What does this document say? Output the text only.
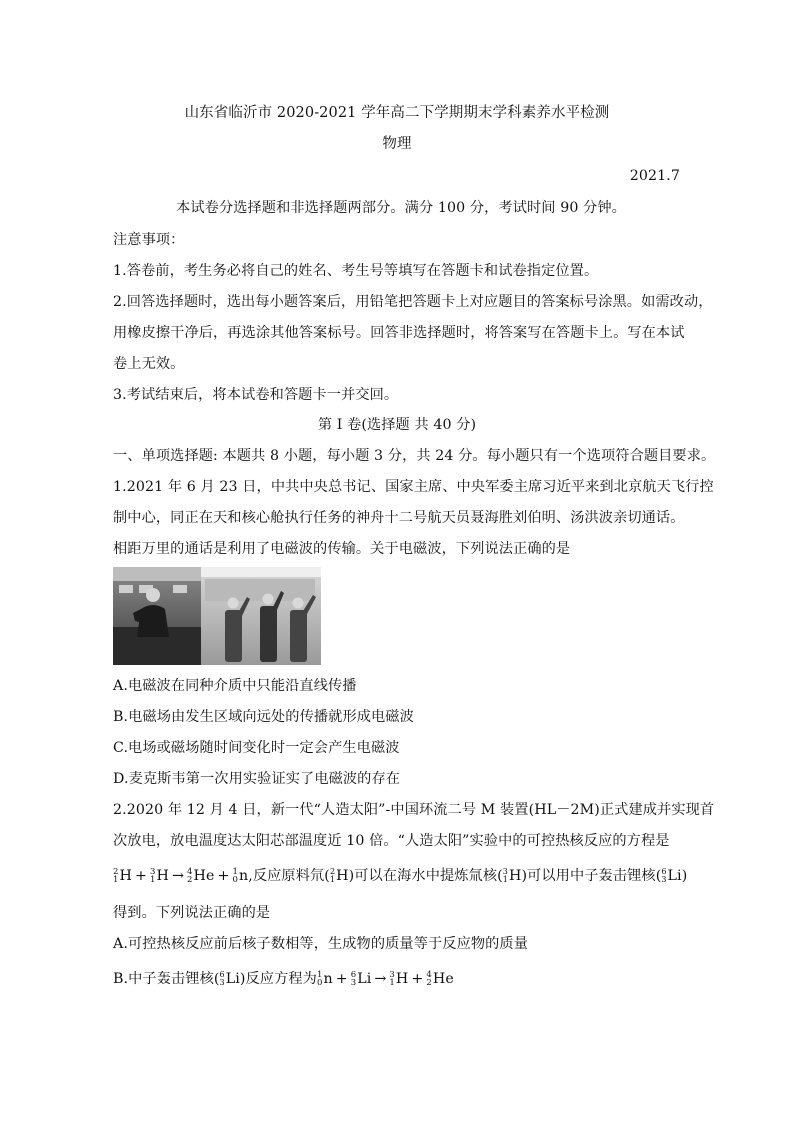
山东省临沂市 2020-2021 学年高二下学期期末学科素养水平检测
物理
2021.7
本试卷分选择题和非选择题两部分。满分 100 分，考试时间 90 分钟。
注意事项：
1.答卷前，考生务必将自己的姓名、考生号等填写在答题卡和试卷指定位置。
2.回答选择题时，选出每小题答案后，用铅笔把答题卡上对应题目的答案标号涂黑。如需改动，
用橡皮擦干净后，再选涂其他答案标号。回答非选择题时，将答案写在答题卡上。写在本试
卷上无效。
3.考试结束后，将本试卷和答题卡一并交回。
第 I 卷(选择题 共 40 分)
一、单项选择题: 本题共 8 小题，每小题 3 分，共 24 分。每小题只有一个选项符合题目要求。
1.2021 年 6 月 23 日，中共中央总书记、国家主席、中央军委主席习近平来到北京航天飞行控
制中心，同正在天和核心舱执行任务的神舟十二号航天员聂海胜刘伯明、汤洪波亲切通话。
相距万里的通话是利用了电磁波的传输。关于电磁波，下列说法正确的是
A.电磁波在同种介质中只能沿直线传播
B.电磁场由发生区域向远处的传播就形成电磁波
C.电场或磁场随时间变化时一定会产生电磁波
D.麦克斯韦第一次用实验证实了电磁波的存在
2.2020 年 12 月 4 日，新一代“人造太阳”-中国环流二号 M 装置(HL－2M)正式建成并实现首
次放电，放电温度达太阳芯部温度近 10 倍。“人造太阳”实验中的可控热核反应的方程是
2
1 H + 3
1 H → 4
2 He + 1
0 n,反应原料氘( 2
1 H)可以在海水中提炼氚核( 3
1 H)可以用中子轰击锂核( 6
3 Li)
得到。下列说法正确的是
A.可控热核反应前后核子数相等，生成物的质量等于反应物的质量
B.中子轰击锂核( 6
3 Li)反应方程为 1
0 n + 6
3 Li → 3
1 H + 4
2 He
